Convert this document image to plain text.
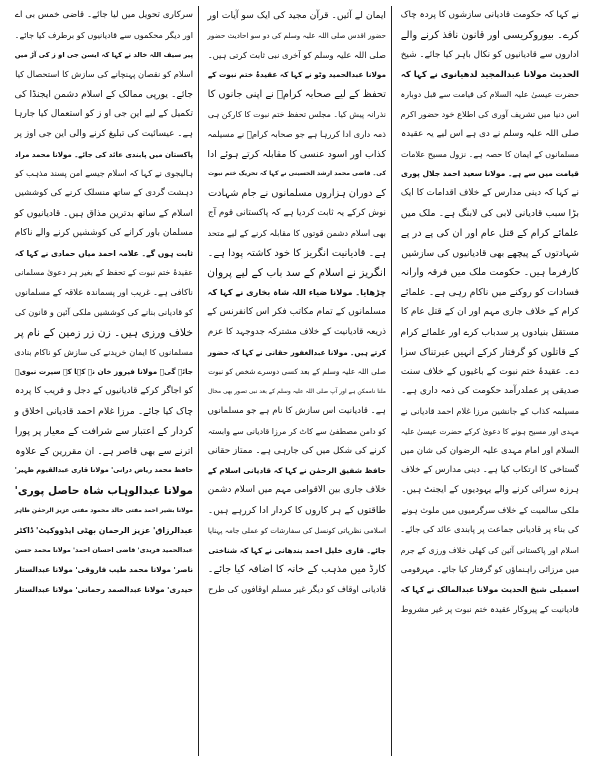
نے کہا کہ حکومت قادیانی سازشوں کا پردہ چاک
کرے۔ بیوروکریسی اور قانون نافذ کرنے والے
اداروں سے قادیانیوں کو نکال باہر کیا جائے۔ شیخ
الحدیث مولانا عبدالمجید لدھیانوی نے کہا کہ
حضرت عیسیٰ علیہ السلام کی قیامت سے قبل دوبارہ
اس دنیا میں تشریف آوری کی اطلاع خود حضور اکرم
صلی اللہ علیہ وسلم نے دی ہے اس لیے یہ عقیدہ
مسلمانوں کے ایمان کا حصہ ہے۔ نزول مسیح علامات
قیامت میں سے ہے۔ مولانا سعید احمد جلال پوری
نے کہا کہ دینی مدارس کے خلاف اقدامات کا ایک
بڑا سبب قادیانی لابی کی لابنگ ہے۔ ملک میں
علمائے کرام کے قتل عام اور ان کی پے در پے
شہادتوں کے پیچھے بھی قادیانیوں کی سازشیں
کارفرما ہیں۔ حکومت ملک میں فرقہ وارانہ
فسادات کو روکنے میں ناکام رہی ہے۔ علمائے
کرام کے خلاف جاری مہم اور ان کے قتل عام کا
مستقل بنیادوں پر سدباب کرے اور علمائے کرام
کے قاتلوں کو گرفتار کرکے انہیں عبرتناک سزا
دے۔ عقیدۂ ختم نبوت کے باغیوں کے خلاف سنت
صدیقی پر عملدرآمد حکومت کی ذمہ داری ہے۔
مسیلمہ کذاب کے جانشین مرزا غلام احمد قادیانی نے
مہدی اور مسیح ہونے کا دعویٰ کرکے حضرت عیسیٰ علیہ
السلام اور امام مہدی علیہ الرضوان کی شان میں
گستاخی کا ارتکاب کیا ہے۔ دینی مدارس کے خلاف
ہرزہ سرائی کرنے والے یہودیوں کے ایجنٹ ہیں۔
ملکی سالمیت کے خلاف سرگرمیوں میں ملوث ہونے
کی بناء پر قادیانی جماعت پر پابندی عائد کی جائے۔
اسلام اور پاکستانی آئین کی کھلی خلاف ورزی کے جرم
میں مرزائی راہنماؤں کو گرفتار کیا جائے۔ مہرقومی
اسمبلی شیخ الحدیث مولانا عبدالمالک نے کہا کہ
قادیانیت کے پیروکار عقیدہ ختم نبوت پر غیر مشروط
ایمان لے آئیں۔ قرآن مجید کی ایک سو آیات اور
حضور اقدس صلی اللہ علیہ وسلم کی دو سو احادیث حضور
صلی اللہ علیہ وسلم کو آخری نبی ثابت کرتی ہیں۔
مولانا عبدالحمید وٹو نے کہا کہ عقیدۂ ختم نبوت کے
تحفظ کے لیے صحابہ کرامؓ نے اپنی جانوں کا
نذرانہ پیش کیا۔ مجلس تحفظ ختم نبوت کا کارکن ہی
ذمہ داری ادا کررہا ہے جو صحابہ کرامؓ نے مسیلمہ
کذاب اور اسود عنسی کا مقابلہ کرتے ہوئے ادا
کی۔ قاضی محمد ارشد الحسینی نے کہا کہ تحریک ختم نبوت
کے دوران ہزاروں مسلمانوں نے جام شہادت
نوش کرکے یہ ثابت کردیا ہے کہ پاکستانی قوم آج
بھی اسلام دشمن قوتوں کا مقابلہ کرنے کے لیے متحد
ہے۔ قادیانیت انگریز کا خود کاشتہ پودا ہے۔
انگریز نے اسلام کے سد باب کے لیے پروان
چڑھایا۔ مولانا ضیاء اللہ شاہ بخاری نے کہا کہ
مسلمانوں کے تمام مکاتب فکر اس کانفرنس کے
ذریعہ قادیانیت کے خلاف مشترکہ جدوجہد کا عزم
کرتے ہیں۔ مولانا عبدالغفور حقانی نے کہا کہ حضور
صلی اللہ علیہ وسلم کے بعد کسی دوسرے شخص کو نبوت
ملنا ناممکن ہے اور آپ صلی اللہ علیہ وسلم کے بعد نبی تصور بھی محال
ہے۔ قادیانیت اس سازش کا نام ہے جو مسلمانوں
کو دامن مصطفیٰ سے کاٹ کر مرزا قادیانی سے وابستہ
کرنے کی شکل میں کی جارہی ہے۔ ممتاز حقانی
حافظ شفیق الرحمٰن نے کہا کہ قادیانی اسلام کے
خلاف جاری بین الاقوامی مہم میں اسلام دشمن
طاقتوں کے ہر کاروں کا کردار ادا کررہے ہیں۔
اسلامی نظریاتی کونسل کی سفارشات کو عملی جامہ پہنایا
جائے۔ قاری خلیل احمد بندھانی نے کہا کہ شناختی
کارڈ میں مذہب کے خانہ کا اضافہ کیا جائے۔
قادیانی اوقاف کو دیگر غیر مسلم اوقافوں کی طرح
سرکاری تحویل میں لیا جائے۔ قاضی خمس بی اے
اور دیگر محکموں سے قادیانیوں کو برطرف کیا جائے۔
پیر سیف اللہ خالد نے کہا کہ ایسن جی او ز کی آڑ میں
اسلام کو نقصان پہنچانے کی سازش کا استحصال کیا
جائے۔ یورپی ممالک کے اسلام دشمن ایجنڈا کی
تکمیل کے لیے این جی او ز کو استعمال کیا جارہا
ہے۔ عیسائیت کی تبلیغ کرنے والی این جی اوز پر
پاکستان میں پابندی عائد کی جائے۔ مولانا محمد مراد
ہالیجوی نے کہا کہ اسلام جیسے امن پسند مذہب کو
دہشت گردی کے ساتھ منسلک کرنے کی کوششیں
اسلام کے ساتھ بدترین مذاق ہیں۔ قادیانیوں کو
مسلمان باور کرانے کی کوششیں کرنے والے ناکام
ثابت ہوں گے۔ علامہ احمد میاں حمادی نے کہا کہ
عقیدۂ ختم نبوت کے تحفظ کے بغیر ہر دعویٰ مسلمانی
ناکافی ہے۔ غریب اور پسماندہ علاقہ کے مسلمانوں
کو قادیانی بنانے کی کوششیں ملکی آئین و قانون کی
خلاف ورزی ہیں۔ زن زر زمین کے نام پر
مسلمانوں کا ایمان خریدنے کی سازش کو ناکام بنادی
جائے گی۔ مولانا فیروز خان نے کہا کہ سیرت نبویؐ
کو اجاگر کرکے قادیانیوں کے دجل و فریب کا پردہ
چاک کیا جائے۔ مرزا غلام احمد قادیانی اخلاق و
کردار کے اعتبار سے شرافت کے معیار پر پورا
اترنے سے بھی قاصر ہے۔ ان مقررین کے علاوہ
حافظ محمد ریاض درانی' مولانا قاری عبدالقیوم ظہیر'
مولانا عبدالوہاب شاہ حاصل پوری'
مولانا بشیر احمد مفتی خالد محمود مفتی عزیز الرحمٰن طاہر
عبدالرزاق' عزیز الرحمان بھٹی ایڈووکیٹ' ڈاکٹر
عبدالحمید فریدی' قاضی احسان احمد' مولانا محمد حسن
ناصر' مولانا محمد طیب فاروقی' مولانا عبدالستار
حیدری' مولانا عبدالصمد رحمانی' مولانا عبدالستار
